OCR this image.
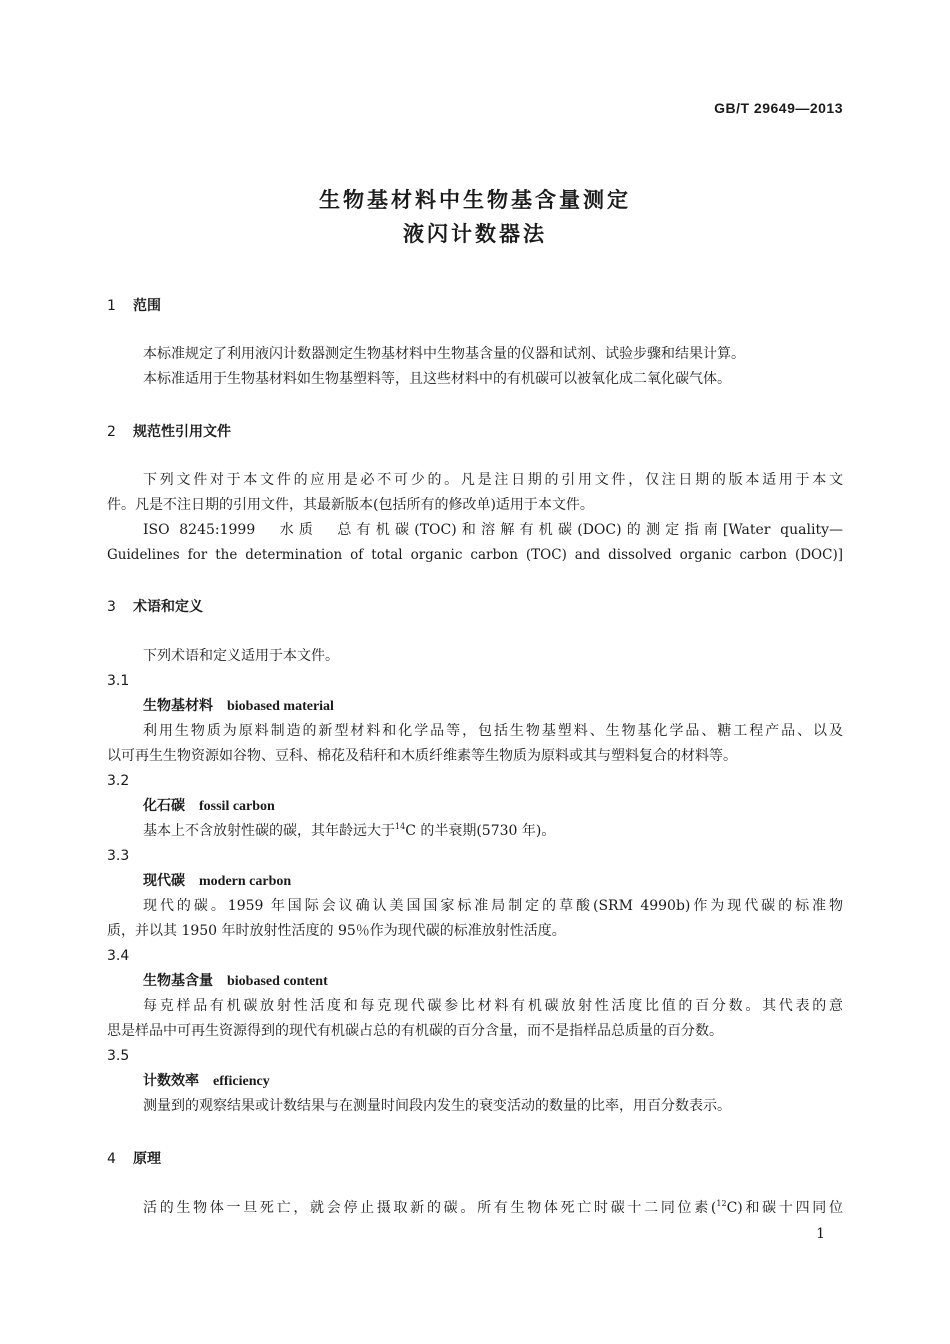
GB/T 29649—2013
生物基材料中生物基含量测定
液闪计数器法
1 范围

本标准规定了利用液闪计数器测定生物基材料中生物基含量的仪器和试剂、试验步骤和结果计算。

本标准适用于生物基材料如生物基塑料等，且这些材料中的有机碳可以被氧化成二氧化碳气体。

2 规范性引用文件

下列文件对于本文件的应用是必不可少的。凡是注日期的引用文件，仅注日期的版本适用于本文

件。凡是不注日期的引用文件，其最新版本(包括所有的修改单)适用于本文件。

ISO 8245:1999　水质　总有机碳(TOC)和溶解有机碳(DOC)的测定指南[Water quality—

Guidelines for the determination of total organic carbon (TOC) and dissolved organic carbon (DOC)]

3 术语和定义

下列术语和定义适用于本文件。

3.1
生物基材料 biobased material

利用生物质为原料制造的新型材料和化学品等，包括生物基塑料、生物基化学品、糖工程产品、以及

以可再生生物资源如谷物、豆科、棉花及秸秆和木质纤维素等生物质为原料或其与塑料复合的材料等。

3.2
化石碳 fossil carbon

基本上不含放射性碳的碳，其年龄远大于$^{14}$C 的半衰期(5730 年)。

3.3
现代碳 modern carbon

现代的碳。1959 年国际会议确认美国国家标准局制定的草酸(SRM 4990b)作为现代碳的标准物

质，并以其 1950 年时放射性活度的 95％作为现代碳的标准放射性活度。

3.4
生物基含量 biobased content

每克样品有机碳放射性活度和每克现代碳参比材料有机碳放射性活度比值的百分数。其代表的意

思是样品中可再生资源得到的现代有机碳占总的有机碳的百分含量，而不是指样品总质量的百分数。

3.5
计数效率 efficiency

测量到的观察结果或计数结果与在测量时间段内发生的衰变活动的数量的比率，用百分数表示。

4 原理

活的生物体一旦死亡，就会停止摄取新的碳。所有生物体死亡时碳十二同位素($^{12}$C)和碳十四同位

1
